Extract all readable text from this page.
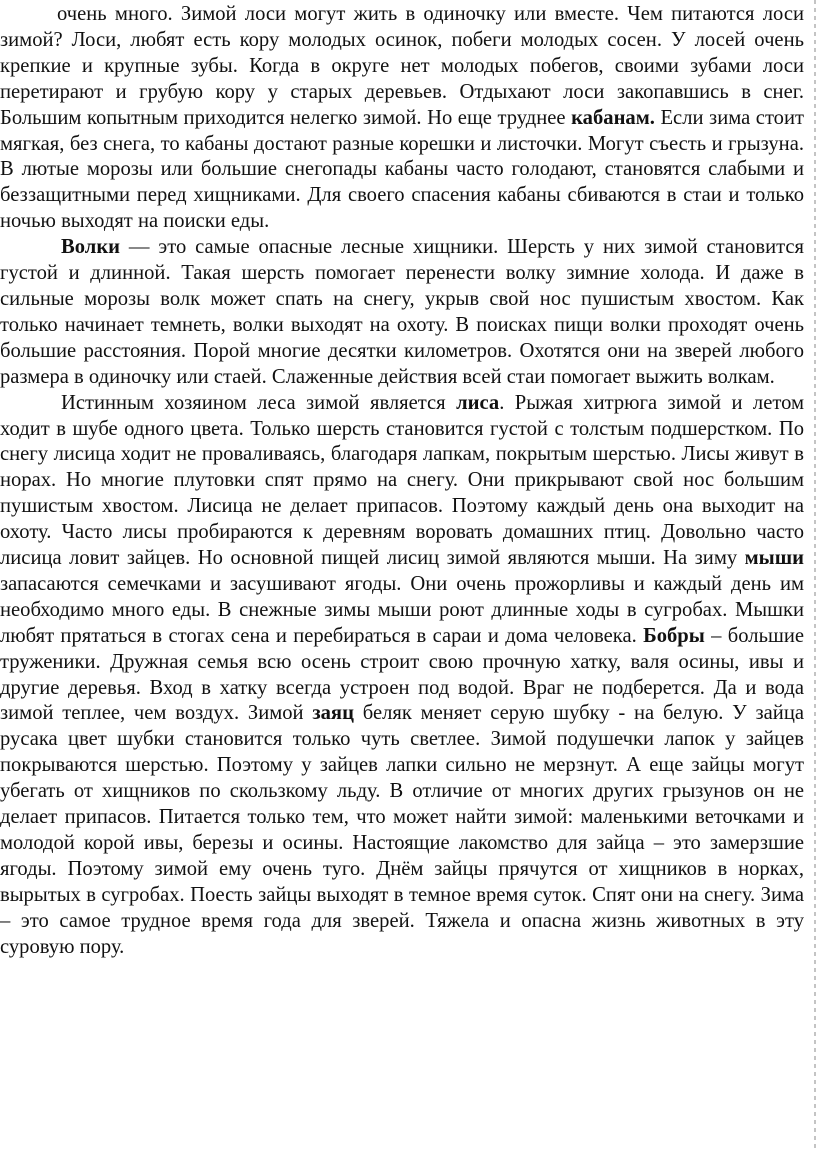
очень много. Зимой лоси могут жить в одиночку или вместе. Чем питаются лоси зимой? Лоси, любят есть кору молодых осинок, побеги молодых сосен. У лосей очень крепкие и крупные зубы. Когда в округе нет молодых побегов, своими зубами лоси перетирают и грубую кору у старых деревьев. Отдыхают лоси закопавшись в снег. Большим копытным приходится нелегко зимой. Но еще труднее кабанам. Если зима стоит мягкая, без снега, то кабаны достают разные корешки и листочки. Могут съесть и грызуна. В лютые морозы или большие снегопады кабаны часто голодают, становятся слабыми и беззащитными перед хищниками. Для своего спасения кабаны сбиваются в стаи и только ночью выходят на поиски еды.

Волки — это самые опасные лесные хищники. Шерсть у них зимой становится густой и длинной. Такая шерсть помогает перенести волку зимние холода. И даже в сильные морозы волк может спать на снегу, укрыв свой нос пушистым хвостом. Как только начинает темнеть, волки выходят на охоту. В поисках пищи волки проходят очень большие расстояния. Порой многие десятки километров. Охотятся они на зверей любого размера в одиночку или стаей. Слаженные действия всей стаи помогает выжить волкам.

Истинным хозяином леса зимой является лиса. Рыжая хитрюга зимой и летом ходит в шубе одного цвета. Только шерсть становится густой с толстым подшерстком. По снегу лисица ходит не проваливаясь, благодаря лапкам, покрытым шерстью. Лисы живут в норах. Но многие плутовки спят прямо на снегу. Они прикрывают свой нос большим пушистым хвостом. Лисица не делает припасов. Поэтому каждый день она выходит на охоту. Часто лисы пробираются к деревням воровать домашних птиц. Довольно часто лисица ловит зайцев. Но основной пищей лисиц зимой являются мыши. На зиму мыши запасаются семечками и засушивают ягоды. Они очень прожорливы и каждый день им необходимо много еды. В снежные зимы мыши роют длинные ходы в сугробах. Мышки любят прятаться в стогах сена и перебираться в сараи и дома человека. Бобры – большие труженики. Дружная семья всю осень строит свою прочную хатку, валя осины, ивы и другие деревья. Вход в хатку всегда устроен под водой. Враг не подберется. Да и вода зимой теплее, чем воздух. Зимой заяц беляк меняет серую шубку - на белую. У зайца русака цвет шубки становится только чуть светлее. Зимой подушечки лапок у зайцев покрываются шерстью. Поэтому у зайцев лапки сильно не мерзнут. А еще зайцы могут убегать от хищников по скользкому льду. В отличие от многих других грызунов он не делает припасов. Питается только тем, что может найти зимой: маленькими веточками и молодой корой ивы, березы и осины. Настоящие лакомство для зайца – это замерзшие ягоды. Поэтому зимой ему очень туго. Днём зайцы прячутся от хищников в норках, вырытых в сугробах. Поесть зайцы выходят в темное время суток. Спят они на снегу. Зима – это самое трудное время года для зверей. Тяжела и опасна жизнь животных в эту суровую пору.
